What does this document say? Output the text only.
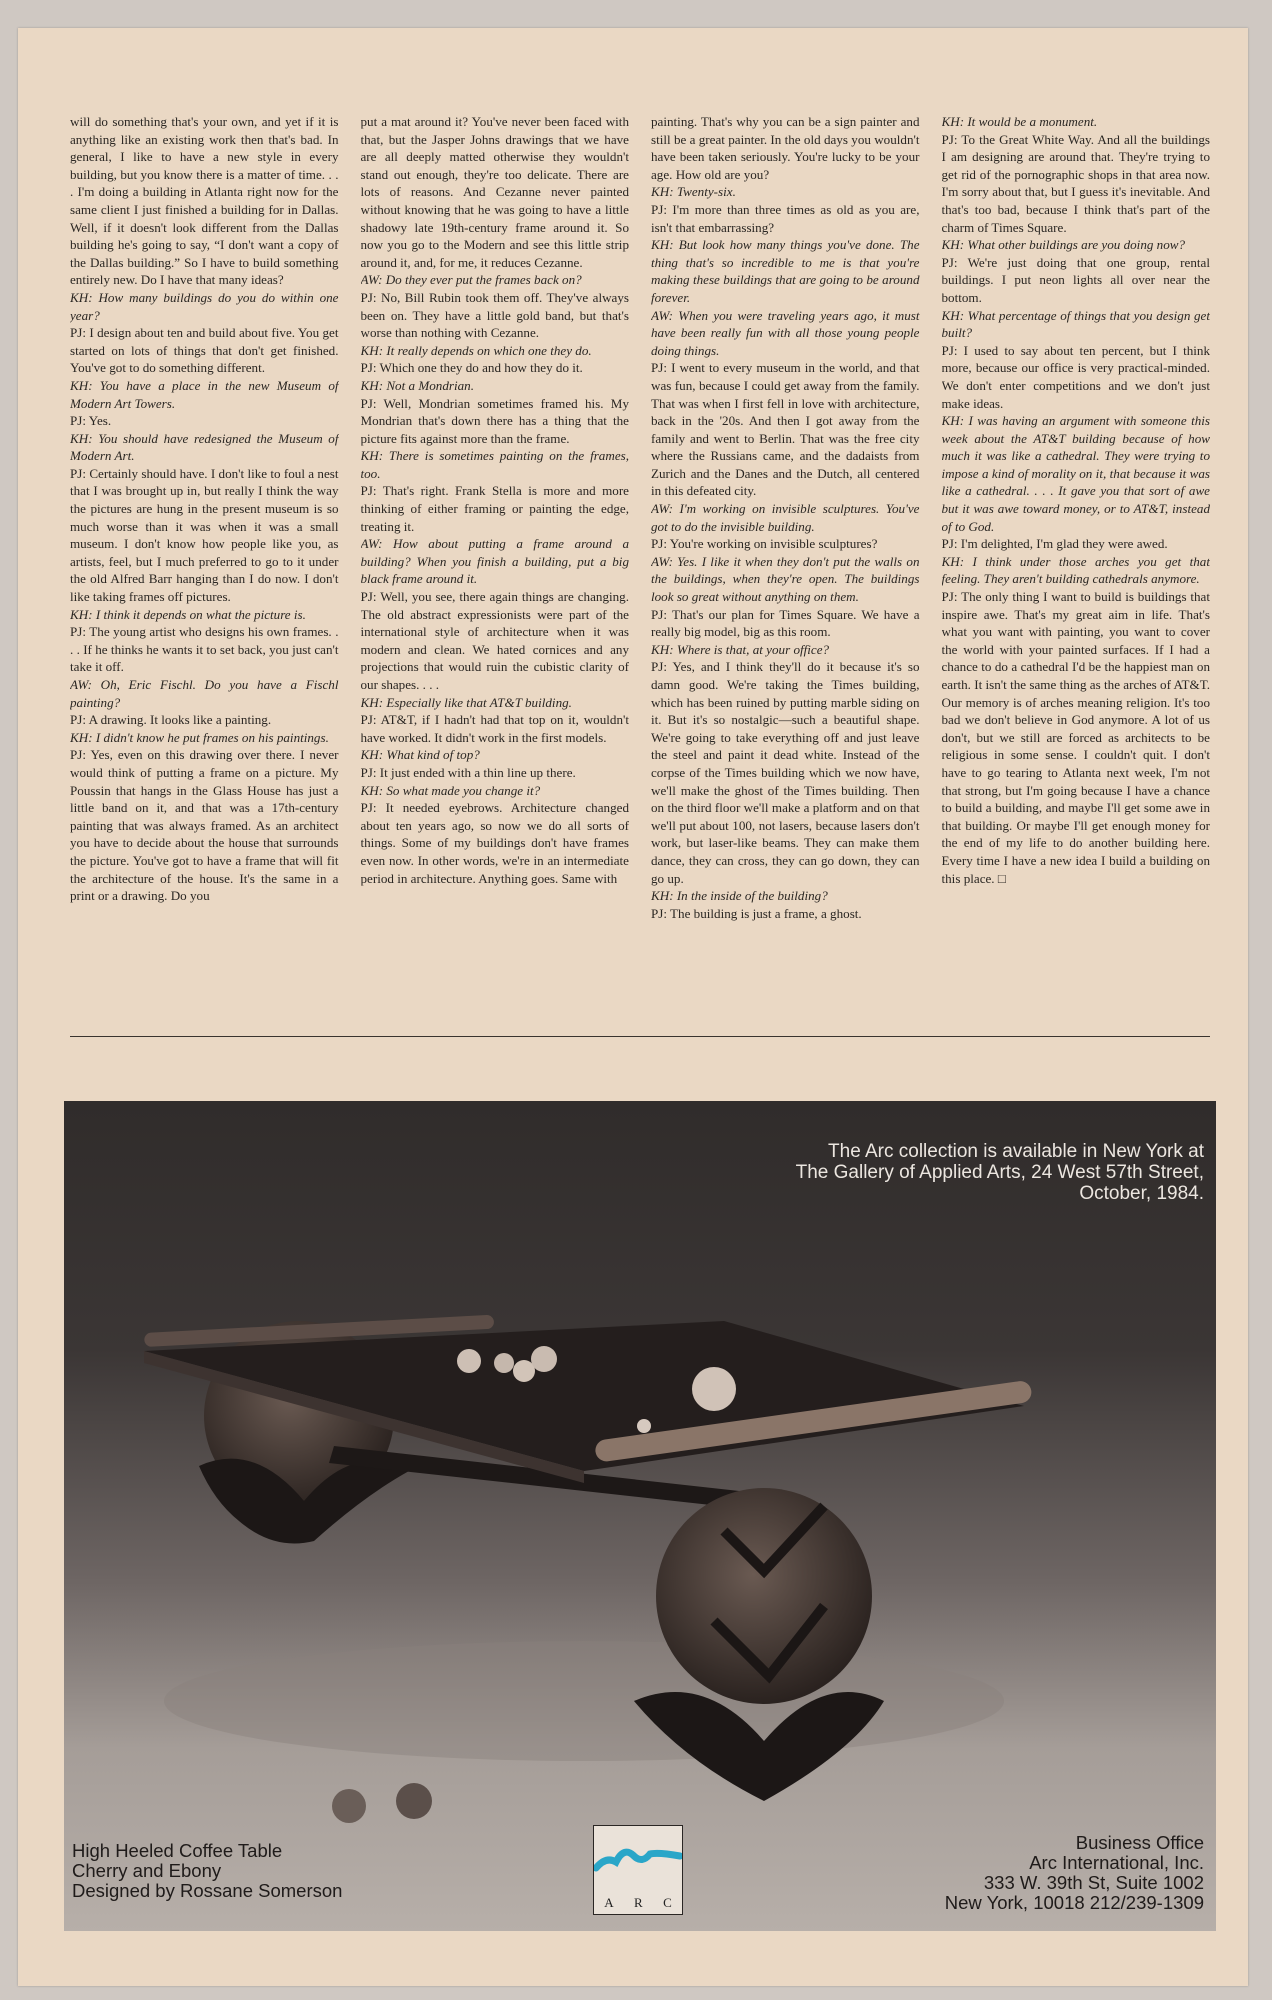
will do something that's your own, and yet if it is anything like an existing work then that's bad. In general, I like to have a new style in every building, but you know there is a matter of time. . . . I'm doing a building in Atlanta right now for the same client I just finished a building for in Dallas. Well, if it doesn't look different from the Dallas building he's going to say, “I don't want a copy of the Dallas building.” So I have to build something entirely new. Do I have that many ideas?

KH: How many buildings do you do within one year?

PJ: I design about ten and build about five. You get started on lots of things that don't get finished. You've got to do something different.

KH: You have a place in the new Museum of Modern Art Towers.

PJ: Yes.

KH: You should have redesigned the Museum of Modern Art.

PJ: Certainly should have. I don't like to foul a nest that I was brought up in, but really I think the way the pictures are hung in the present museum is so much worse than it was when it was a small museum. I don't know how people like you, as artists, feel, but I much preferred to go to it under the old Alfred Barr hanging than I do now. I don't like taking frames off pictures.

KH: I think it depends on what the picture is.

PJ: The young artist who designs his own frames. . . . If he thinks he wants it to set back, you just can't take it off.

AW: Oh, Eric Fischl. Do you have a Fischl painting?

PJ: A drawing. It looks like a painting.

KH: I didn't know he put frames on his paintings.

PJ: Yes, even on this drawing over there. I never would think of putting a frame on a picture. My Poussin that hangs in the Glass House has just a little band on it, and that was a 17th-century painting that was always framed. As an architect you have to decide about the house that surrounds the picture. You've got to have a frame that will fit the architecture of the house. It's the same in a print or a drawing. Do you

put a mat around it? You've never been faced with that, but the Jasper Johns drawings that we have are all deeply matted otherwise they wouldn't stand out enough, they're too delicate. There are lots of reasons. And Cezanne never painted without knowing that he was going to have a little shadowy late 19th-century frame around it. So now you go to the Modern and see this little strip around it, and, for me, it reduces Cezanne.

AW: Do they ever put the frames back on?

PJ: No, Bill Rubin took them off. They've always been on. They have a little gold band, but that's worse than nothing with Cezanne.

KH: It really depends on which one they do.

PJ: Which one they do and how they do it.

KH: Not a Mondrian.

PJ: Well, Mondrian sometimes framed his. My Mondrian that's down there has a thing that the picture fits against more than the frame.

KH: There is sometimes painting on the frames, too.

PJ: That's right. Frank Stella is more and more thinking of either framing or painting the edge, treating it.

AW: How about putting a frame around a building? When you finish a building, put a big black frame around it.

PJ: Well, you see, there again things are changing. The old abstract expressionists were part of the international style of architecture when it was modern and clean. We hated cornices and any projections that would ruin the cubistic clarity of our shapes. . . .

KH: Especially like that AT&T building.

PJ: AT&T, if I hadn't had that top on it, wouldn't have worked. It didn't work in the first models.

KH: What kind of top?

PJ: It just ended with a thin line up there.

KH: So what made you change it?

PJ: It needed eyebrows. Architecture changed about ten years ago, so now we do all sorts of things. Some of my buildings don't have frames even now. In other words, we're in an intermediate period in architecture. Anything goes. Same with

painting. That's why you can be a sign painter and still be a great painter. In the old days you wouldn't have been taken seriously. You're lucky to be your age. How old are you?

KH: Twenty-six.

PJ: I'm more than three times as old as you are, isn't that embarrassing?

KH: But look how many things you've done. The thing that's so incredible to me is that you're making these buildings that are going to be around forever.

AW: When you were traveling years ago, it must have been really fun with all those young people doing things.

PJ: I went to every museum in the world, and that was fun, because I could get away from the family. That was when I first fell in love with architecture, back in the '20s. And then I got away from the family and went to Berlin. That was the free city where the Russians came, and the dadaists from Zurich and the Danes and the Dutch, all centered in this defeated city.

AW: I'm working on invisible sculptures. You've got to do the invisible building.

PJ: You're working on invisible sculptures?

AW: Yes. I like it when they don't put the walls on the buildings, when they're open. The buildings look so great without anything on them.

PJ: That's our plan for Times Square. We have a really big model, big as this room.

KH: Where is that, at your office?

PJ: Yes, and I think they'll do it because it's so damn good. We're taking the Times building, which has been ruined by putting marble siding on it. But it's so nostalgic—such a beautiful shape. We're going to take everything off and just leave the steel and paint it dead white. Instead of the corpse of the Times building which we now have, we'll make the ghost of the Times building. Then on the third floor we'll make a platform and on that we'll put about 100, not lasers, because lasers don't work, but laser-like beams. They can make them dance, they can cross, they can go down, they can go up.

KH: In the inside of the building?

PJ: The building is just a frame, a ghost.

KH: It would be a monument.

PJ: To the Great White Way. And all the buildings I am designing are around that. They're trying to get rid of the pornographic shops in that area now. I'm sorry about that, but I guess it's inevitable. And that's too bad, because I think that's part of the charm of Times Square.

KH: What other buildings are you doing now?

PJ: We're just doing that one group, rental buildings. I put neon lights all over near the bottom.

KH: What percentage of things that you design get built?

PJ: I used to say about ten percent, but I think more, because our office is very practical-minded. We don't enter competitions and we don't just make ideas.

KH: I was having an argument with someone this week about the AT&T building because of how much it was like a cathedral. They were trying to impose a kind of morality on it, that because it was like a cathedral. . . . It gave you that sort of awe but it was awe toward money, or to AT&T, instead of to God.

PJ: I'm delighted, I'm glad they were awed.

KH: I think under those arches you get that feeling. They aren't building cathedrals anymore.

PJ: The only thing I want to build is buildings that inspire awe. That's my great aim in life. That's what you want with painting, you want to cover the world with your painted surfaces. If I had a chance to do a cathedral I'd be the happiest man on earth. It isn't the same thing as the arches of AT&T. Our memory is of arches meaning religion. It's too bad we don't believe in God anymore. A lot of us don't, but we still are forced as architects to be religious in some sense. I couldn't quit. I don't have to go tearing to Atlanta next week, I'm not that strong, but I'm going because I have a chance to build a building, and maybe I'll get some awe in that building. Or maybe I'll get enough money for the end of my life to do another building here. Every time I have a new idea I build a building on this place. □

The Arc collection is available in New York at
The Gallery of Applied Arts, 24 West 57th Street,
October, 1984.

High Heeled Coffee Table
Cherry and Ebony
Designed by Rossane Somerson

A R C

Business Office
Arc International, Inc.
333 W. 39th St, Suite 1002
New York, 10018 212/239-1309
